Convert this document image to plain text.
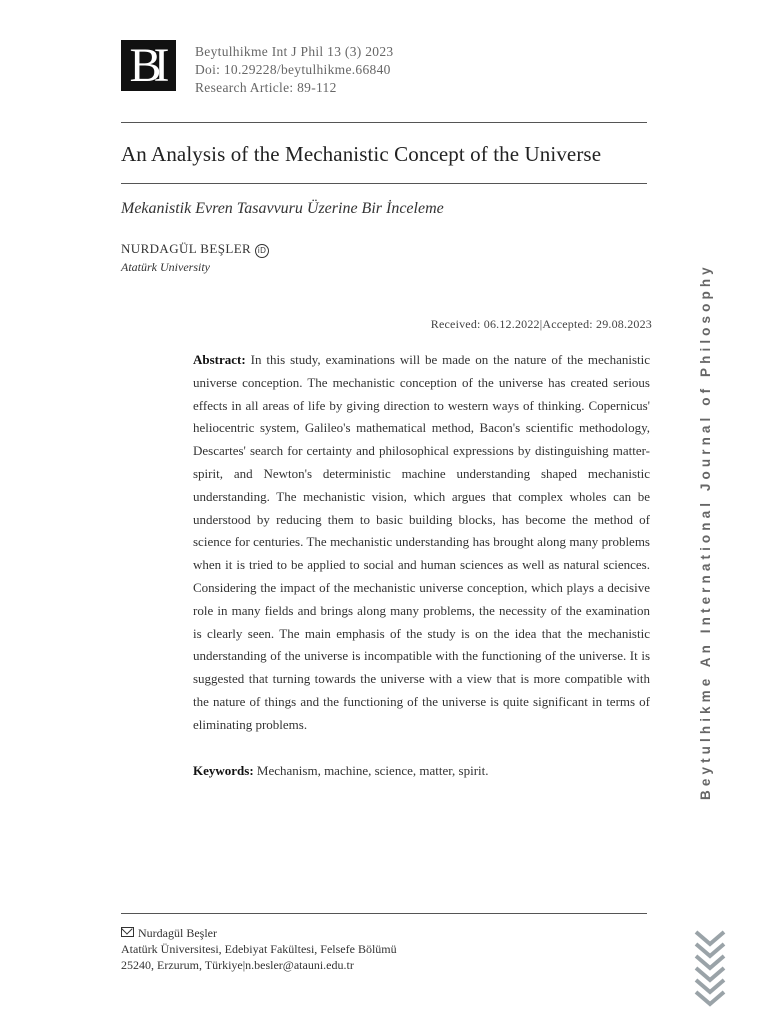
BI	Beytulhikme Int J Phil 13 (3) 2023
Doi: 10.29228/beytulhikme.66840
Research Article: 89-112
An Analysis of the Mechanistic Concept of the Universe
Mekanistik Evren Tasavvuru Üzerine Bir İnceleme
NURDAGÜL BEŞLER iD
Atatürk University
Received: 06.12.2022|Accepted: 29.08.2023
Abstract: In this study, examinations will be made on the nature of the mechanistic universe conception. The mechanistic conception of the universe has created serious effects in all areas of life by giving direction to western ways of thinking. Copernicus' heliocentric system, Galileo's mathematical method, Bacon's scientific methodology, Descartes' search for certainty and philosophical expressions by distinguishing matter- spirit, and Newton's deterministic machine understanding shaped mechanistic understanding. The mechanistic vision, which argues that complex wholes can be understood by reducing them to basic building blocks, has become the method of science for centuries. The mechanistic understanding has brought along many problems when it is tried to be applied to social and human sciences as well as natural sciences. Considering the impact of the mechanistic universe conception, which plays a decisive role in many fields and brings along many problems, the necessity of the examination is clearly seen. The main emphasis of the study is on the idea that the mechanistic understanding of the universe is incompatible with the functioning of the universe. It is suggested that turning towards the universe with a view that is more compatible with the nature of things and the functioning of the universe is quite significant in terms of eliminating problems.
Keywords: Mechanism, machine, science, matter, spirit.	Beytulhikme An International Journal of Philosophy
Nurdagül Beşler
Atatürk Üniversitesi, Edebiyat Fakültesi, Felsefe Bölümü
25240, Erzurum, Türkiye|n.besler@atauni.edu.tr
